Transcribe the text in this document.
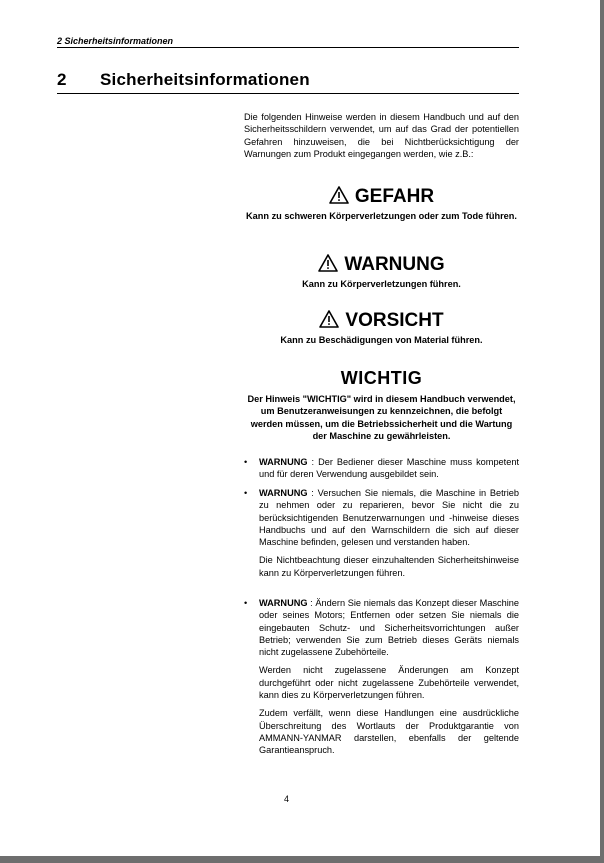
2 Sicherheitsinformationen
2 Sicherheitsinformationen
Die folgenden Hinweise werden in diesem Handbuch und auf den Sicherheitsschildern verwendet, um auf das Grad der potentiellen Gefahren hinzuweisen, die bei Nichtberücksichtigung der Warnungen zum Produkt eingegangen werden, wie z.B.:
GEFAHR
Kann zu schweren Körperverletzungen oder zum Tode führen.
WARNUNG
Kann zu Körperverletzungen führen.
VORSICHT
Kann zu Beschädigungen von Material führen.
WICHTIG
Der Hinweis "WICHTIG" wird in diesem Handbuch verwendet, um Benutzeranweisungen zu kennzeichnen, die befolgt werden müssen, um die Betriebssicherheit und die Wartung der Maschine zu gewährleisten.
• WARNUNG : Der Bediener dieser Maschine muss kompetent und für deren Verwendung ausgebildet sein.

• WARNUNG : Versuchen Sie niemals, die Maschine in Betrieb zu nehmen oder zu reparieren, bevor Sie nicht die zu berücksichtigenden Benutzerwarnungen und -hinweise dieses Handbuchs und auf den Warnschildern die sich auf dieser Maschine befinden, gelesen und verstanden haben.

Die Nichtbeachtung dieser einzuhaltenden Sicherheitshinweise kann zu Körperverletzungen führen.

• WARNUNG : Ändern Sie niemals das Konzept dieser Maschine oder seines Motors; Entfernen oder setzen Sie niemals die eingebauten Schutz- und Sicherheitsvorrichtungen außer Betrieb; verwenden Sie zum Betrieb dieses Geräts niemals nicht zugelassene Zubehörteile.

Werden nicht zugelassene Änderungen am Konzept durchgeführt oder nicht zugelassene Zubehörteile verwendet, kann dies zu Körperverletzungen führen.

Zudem verfällt, wenn diese Handlungen eine ausdrückliche Überschreitung des Wortlauts der Produktgarantie von AMMANN-YANMAR darstellen, ebenfalls der geltende Garantieanspruch.

4
